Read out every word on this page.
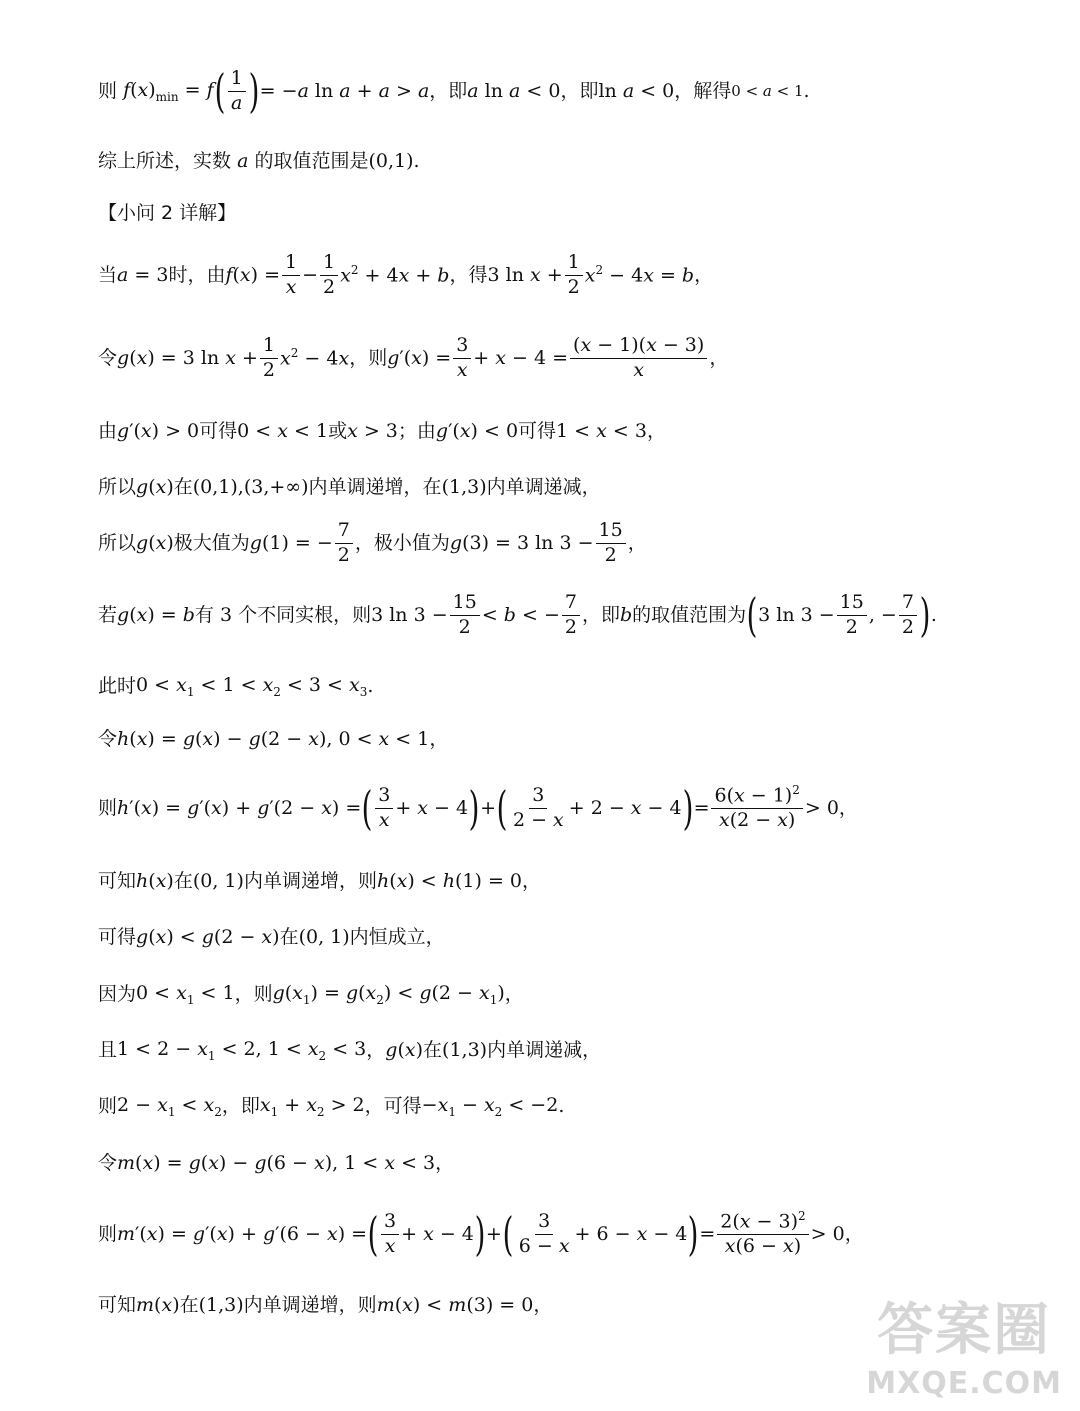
则 $f(x)_{min} = f$ ( $\frac{1}{a}$ ) = −a ln a + a > a ，即 a ln a < 0 ，即 ln a < 0 ，解得 0 < a < 1 .
综上所述，实数 a 的取值范围是 (0,1) .
【小问 2 详解】
当 a = 3 时，由 $f(x) = \frac{1}{x} - \frac{1}{2} x^2 + 4x + b$ ，得 3 $\ln x + \frac{1}{2} x^2 - 4x = b$ ，
令 g(x) = 3 $\ln x + \frac{1}{2} x^2 - 4x$ ，则 $g'(x) = \frac{3}{x} + x - 4 = \frac{(x - 1)(x - 3)}{x}$ ，
由 g′(x) > 0 可得 0 < x < 1 或 x > 3 ；由 g′(x) < 0 可得 1 < x < 3 ，
所以 g(x) 在 (0,1),(3,+∞) 内单调递增，在 (1,3) 内单调递减，
所以 g(x) 极大值为 g(1) = − $\frac{7}{2}$ ，极小值为 g(3) = 3 $\ln 3 - \frac{15}{2}$ ，
若 g(x) = b 有 3 个不同实根，则 3 $\ln 3 - \frac{15}{2} < b$ < − $\frac{7}{2}$ ，即 b 的取值范围为 ( 3 $\ln 3 - \frac{15}{2}$ , − $\frac{7}{2}$ ) .
此时 $0 < x_1 < 1 < x_2 < 3 < x_3$ .
令 h(x) = g(x) − g(2 − x), 0 < x < 1 ，
则 h′(x) = g′(x) + g′(2 − x) = ( $\frac{3}{x} + x - 4$ ) + ( $\frac{3}{2 - x} + 2 - x - 4$ ) = $\frac{6(x - 1)^2}{x(2 - x)} > 0$ ，
可知 h(x) 在 (0, 1) 内单调递增，则 h(x) < h(1) = 0 ，
可得 g(x) < g(2 − x) 在 (0, 1) 内恒成立，
因为 $0 < x_1 < 1$ ，则 $g(x_1) = g(x_2) < g(2 - x_1)$ ，
且 $1 < 2 - x_1 < 2$, $1 < x_2 < 3$ ， g(x) 在 (1,3) 内单调递减，
则 $2 - x_1 < x_2$ ，即 $x_1 + x_2 > 2$ ，可得 $-x_1 - x_2 < -2$ .
令 m(x) = g(x) − g(6 − x), 1 < x < 3 ，
则 m′(x) = g′(x) + g′(6 − x) = ( $\frac{3}{x} + x - 4$ ) + ( $\frac{3}{6 - x} + 6 - x - 4$ ) = $\frac{2(x - 3)^2}{x(6 - x)} > 0$ ，
可知 m(x) 在 (1,3) 内单调递增，则 m(x) < m(3) = 0 ，	答案圈
MXQE.COM
